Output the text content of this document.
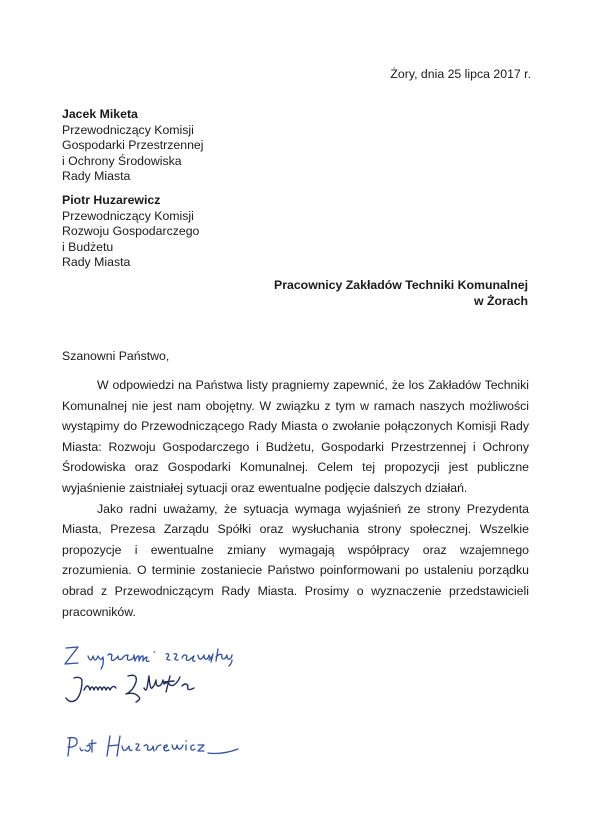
Żory, dnia 25 lipca 2017 r.
Jacek Miketa
Przewodniczący Komisji
Gospodarki Przestrzennej
i Ochrony Środowiska
Rady Miasta
Piotr Huzarewicz
Przewodniczący Komisji
Rozwoju Gospodarczego
i Budżetu
Rady Miasta
Pracownicy Zakładów Techniki Komunalnej
w Żorach
Szanowni Państwo,

W odpowiedzi na Państwa listy pragniemy zapewnić, że los Zakładów Techniki Komunalnej nie jest nam obojętny. W związku z tym w ramach naszych możliwości wystąpimy do Przewodniczącego Rady Miasta o zwołanie połączonych Komisji Rady Miasta: Rozwoju Gospodarczego i Budżetu, Gospodarki Przestrzennej i Ochrony Środowiska oraz Gospodarki Komunalnej. Celem tej propozycji jest publiczne wyjaśnienie zaistniałej sytuacji oraz ewentualne podjęcie dalszych działań.

Jako radni uważamy, że sytuacja wymaga wyjaśnień ze strony Prezydenta Miasta, Prezesa Zarządu Spółki oraz wysłuchania strony społecznej. Wszelkie propozycje i ewentualne zmiany wymagają współpracy oraz wzajemnego zrozumienia. O terminie zostaniecie Państwo poinformowani po ustaleniu porządku obrad z Przewodniczącym Rady Miasta. Prosimy o wyznaczenie przedstawicieli pracowników.
